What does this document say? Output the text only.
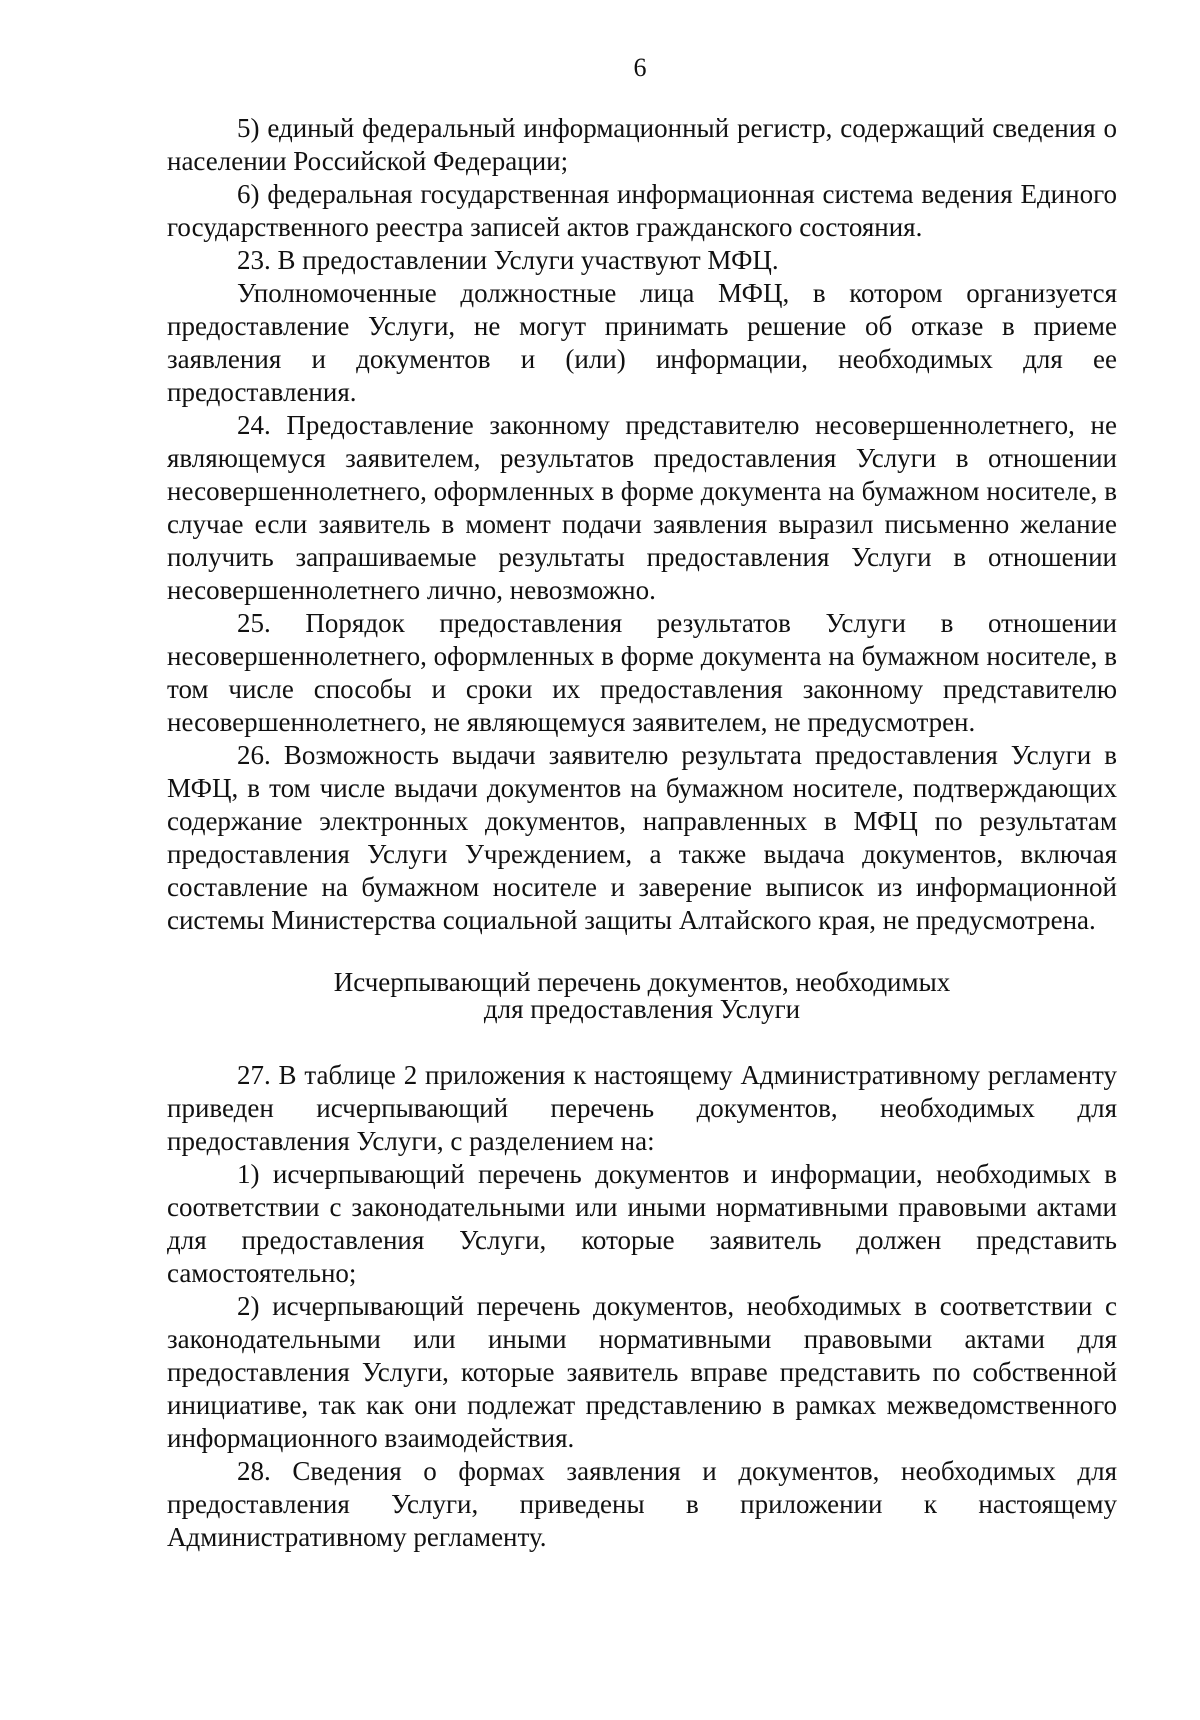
6

5) единый федеральный информационный регистр, содержащий сведения о населении Российской Федерации;

6) федеральная государственная информационная система ведения Единого государственного реестра записей актов гражданского состояния.

23. В предоставлении Услуги участвуют МФЦ.

Уполномоченные должностные лица МФЦ, в котором организуется предоставление Услуги, не могут принимать решение об отказе в приеме заявления и документов и (или) информации, необходимых для ее предоставления.

24. Предоставление законному представителю несовершеннолетнего, не являющемуся заявителем, результатов предоставления Услуги в отношении несовершеннолетнего, оформленных в форме документа на бумажном носителе, в случае если заявитель в момент подачи заявления выразил письменно желание получить запрашиваемые результаты предоставления Услуги в отношении несовершеннолетнего лично, невозможно.

25. Порядок предоставления результатов Услуги в отношении несовершеннолетнего, оформленных в форме документа на бумажном носителе, в том числе способы и сроки их предоставления законному представителю несовершеннолетнего, не являющемуся заявителем, не предусмотрен.

26. Возможность выдачи заявителю результата предоставления Услуги в МФЦ, в том числе выдачи документов на бумажном носителе, подтверждающих содержание электронных документов, направленных в МФЦ по результатам предоставления Услуги Учреждением, а также выдача документов, включая составление на бумажном носителе и заверение выписок из информационной системы Министерства социальной защиты Алтайского края, не предусмотрена.

Исчерпывающий перечень документов, необходимых
для предоставления Услуги

27. В таблице 2 приложения к настоящему Административному регламенту приведен исчерпывающий перечень документов, необходимых для предоставления Услуги, с разделением на:

1) исчерпывающий перечень документов и информации, необходимых в соответствии с законодательными или иными нормативными правовыми актами для предоставления Услуги, которые заявитель должен представить самостоятельно;

2) исчерпывающий перечень документов, необходимых в соответствии с законодательными или иными нормативными правовыми актами для предоставления Услуги, которые заявитель вправе представить по собственной инициативе, так как они подлежат представлению в рамках межведомственного информационного взаимодействия.

28. Сведения о формах заявления и документов, необходимых для предоставления Услуги, приведены в приложении к настоящему Административному регламенту.
